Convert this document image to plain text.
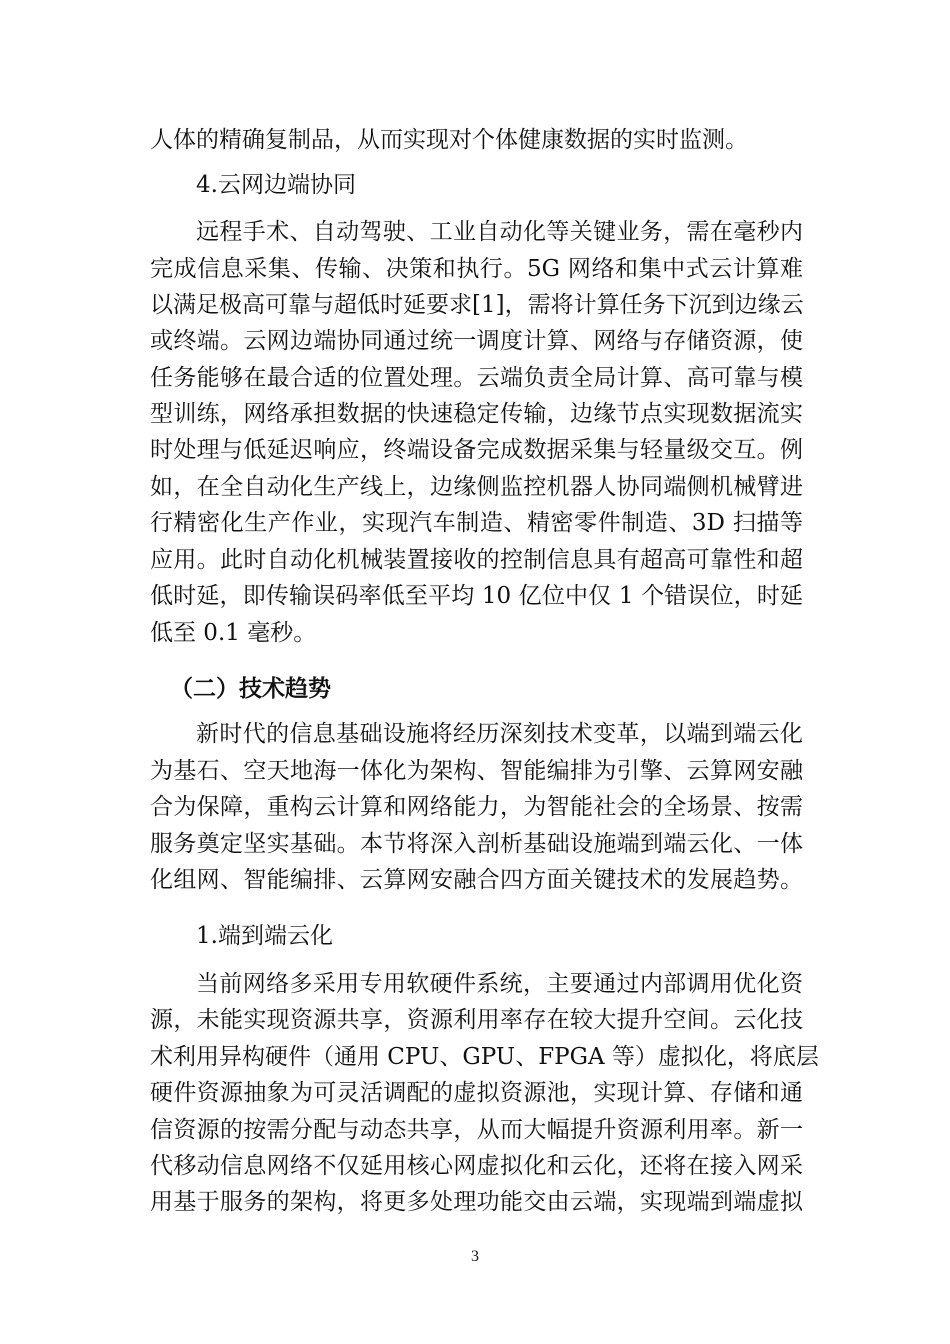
人体的精确复制品，从而实现对个体健康数据的实时监测。
4.云网边端协同
远程手术、自动驾驶、工业自动化等关键业务，需在毫秒内
完成信息采集、传输、决策和执行。5G 网络和集中式云计算难
以满足极高可靠与超低时延要求[1]，需将计算任务下沉到边缘云
或终端。云网边端协同通过统一调度计算、网络与存储资源，使
任务能够在最合适的位置处理。云端负责全局计算、高可靠与模
型训练，网络承担数据的快速稳定传输，边缘节点实现数据流实
时处理与低延迟响应，终端设备完成数据采集与轻量级交互。例
如，在全自动化生产线上，边缘侧监控机器人协同端侧机械臂进
行精密化生产作业，实现汽车制造、精密零件制造、3D 扫描等
应用。此时自动化机械装置接收的控制信息具有超高可靠性和超
低时延，即传输误码率低至平均 10 亿位中仅 1 个错误位，时延
低至 0.1 毫秒。
（二）技术趋势
新时代的信息基础设施将经历深刻技术变革，以端到端云化
为基石、空天地海一体化为架构、智能编排为引擎、云算网安融
合为保障，重构云计算和网络能力，为智能社会的全场景、按需
服务奠定坚实基础。本节将深入剖析基础设施端到端云化、一体
化组网、智能编排、云算网安融合四方面关键技术的发展趋势。
1.端到端云化
当前网络多采用专用软硬件系统，主要通过内部调用优化资
源，未能实现资源共享，资源利用率存在较大提升空间。云化技
术利用异构硬件（通用 CPU、GPU、FPGA 等）虚拟化，将底层
硬件资源抽象为可灵活调配的虚拟资源池，实现计算、存储和通
信资源的按需分配与动态共享，从而大幅提升资源利用率。新一
代移动信息网络不仅延用核心网虚拟化和云化，还将在接入网采
用基于服务的架构，将更多处理功能交由云端，实现端到端虚拟
3
